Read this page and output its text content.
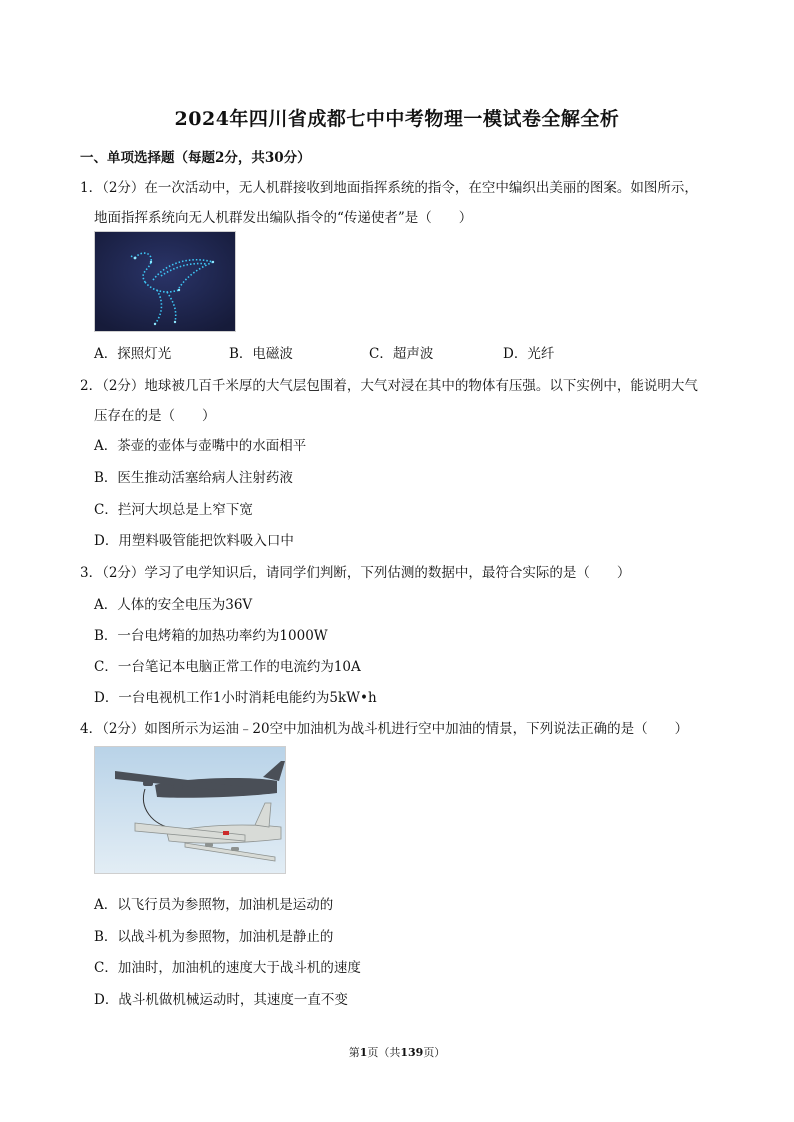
2024年四川省成都七中中考物理一模试卷全解全析
一、单项选择题（每题2分，共30分）
1．（2分）在一次活动中，无人机群接收到地面指挥系统的指令，在空中编织出美丽的图案。如图所示，
地面指挥系统向无人机群发出编队指令的“传递使者”是（　　）
A．探照灯光	B．电磁波	C．超声波	D．光纤
2．（2分）地球被几百千米厚的大气层包围着，大气对浸在其中的物体有压强。以下实例中，能说明大气
压存在的是（　　）
A．茶壶的壶体与壶嘴中的水面相平
B．医生推动活塞给病人注射药液
C．拦河大坝总是上窄下宽
D．用塑料吸管能把饮料吸入口中
3．（2分）学习了电学知识后，请同学们判断，下列估测的数据中，最符合实际的是（　　）
A．人体的安全电压为36V
B．一台电烤箱的加热功率约为1000W
C．一台笔记本电脑正常工作的电流约为10A
D．一台电视机工作1小时消耗电能约为5kW•h
4．（2分）如图所示为运油﹣20空中加油机为战斗机进行空中加油的情景，下列说法正确的是（　　）
A．以飞行员为参照物，加油机是运动的
B．以战斗机为参照物，加油机是静止的
C．加油时，加油机的速度大于战斗机的速度
D．战斗机做机械运动时，其速度一直不变
第1页（共139页）
